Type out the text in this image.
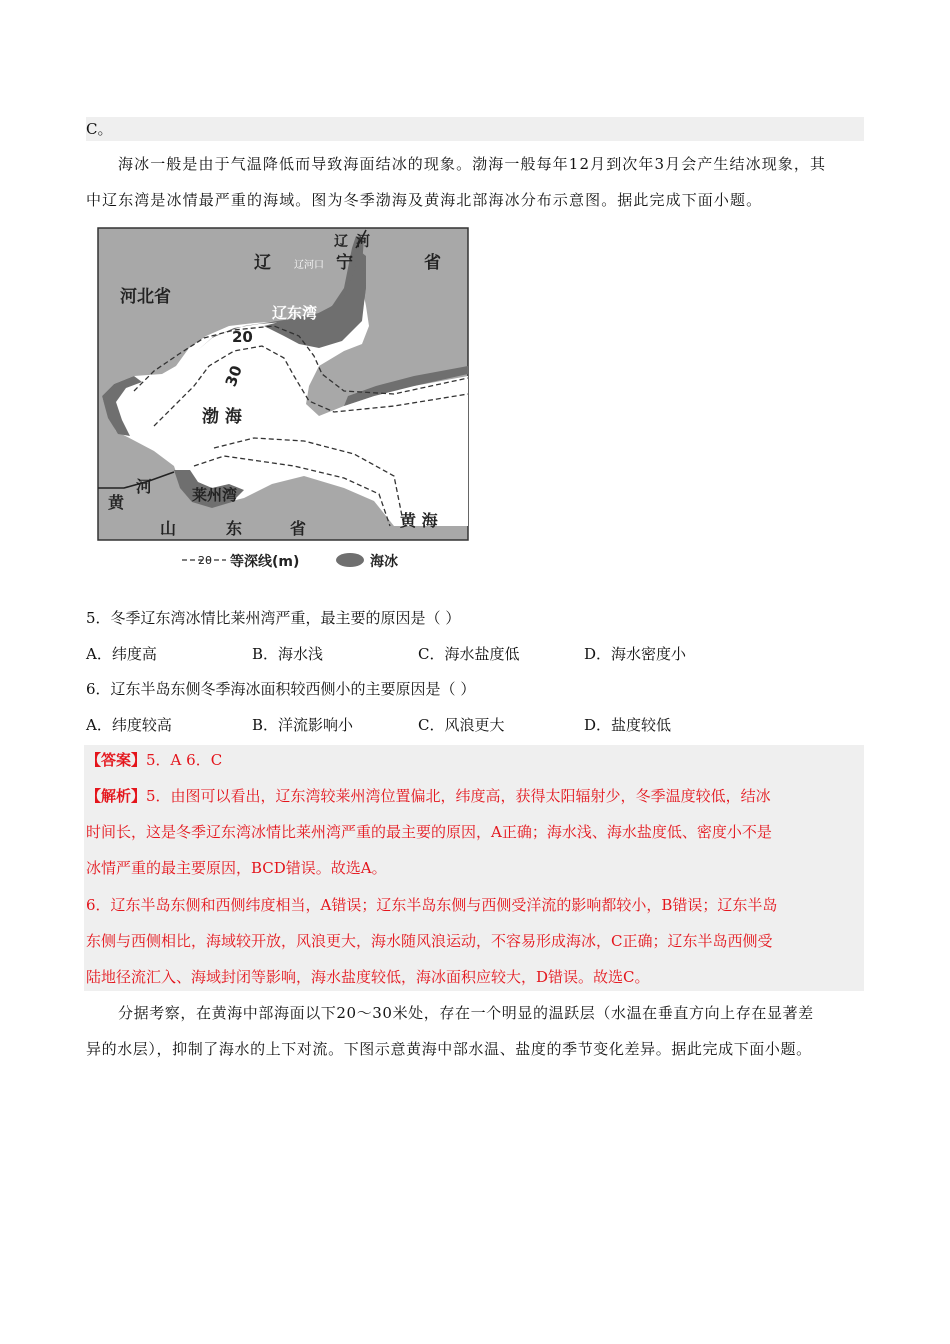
C。
海冰一般是由于气温降低而导致海面结冰的现象。渤海一般每年12月到次年3月会产生结冰现象，其
中辽东湾是冰情最严重的海域。图为冬季渤海及黄海北部海冰分布示意图。据此完成下面小题。
辽	宁	省
河
辽
辽河口
河北省
辽东湾
渤 海
莱州湾
黄
河
山	东	省	黄 海
20
30
20 等深线(m)	海冰
5．冬季辽东湾冰情比莱州湾严重，最主要的原因是（ ）
A．纬度高	B．海水浅	C．海水盐度低	D．海水密度小
6．辽东半岛东侧冬季海冰面积较西侧小的主要原因是（ ）
A．纬度较高	B．洋流影响小	C．风浪更大	D．盐度较低
【答案】5．A 6．C
【解析】5．由图可以看出，辽东湾较莱州湾位置偏北，纬度高，获得太阳辐射少，冬季温度较低，结冰
时间长，这是冬季辽东湾冰情比莱州湾严重的最主要的原因，A正确；海水浅、海水盐度低、密度小不是
冰情严重的最主要原因，BCD错误。故选A。
6．辽东半岛东侧和西侧纬度相当，A错误；辽东半岛东侧与西侧受洋流的影响都较小，B错误；辽东半岛
东侧与西侧相比，海域较开放，风浪更大，海水随风浪运动，不容易形成海冰，C正确；辽东半岛西侧受
陆地径流汇入、海域封闭等影响，海水盐度较低，海冰面积应较大，D错误。故选C。
分据考察，在黄海中部海面以下20～30米处，存在一个明显的温跃层（水温在垂直方向上存在显著差
异的水层），抑制了海水的上下对流。下图示意黄海中部水温、盐度的季节变化差异。据此完成下面小题。
